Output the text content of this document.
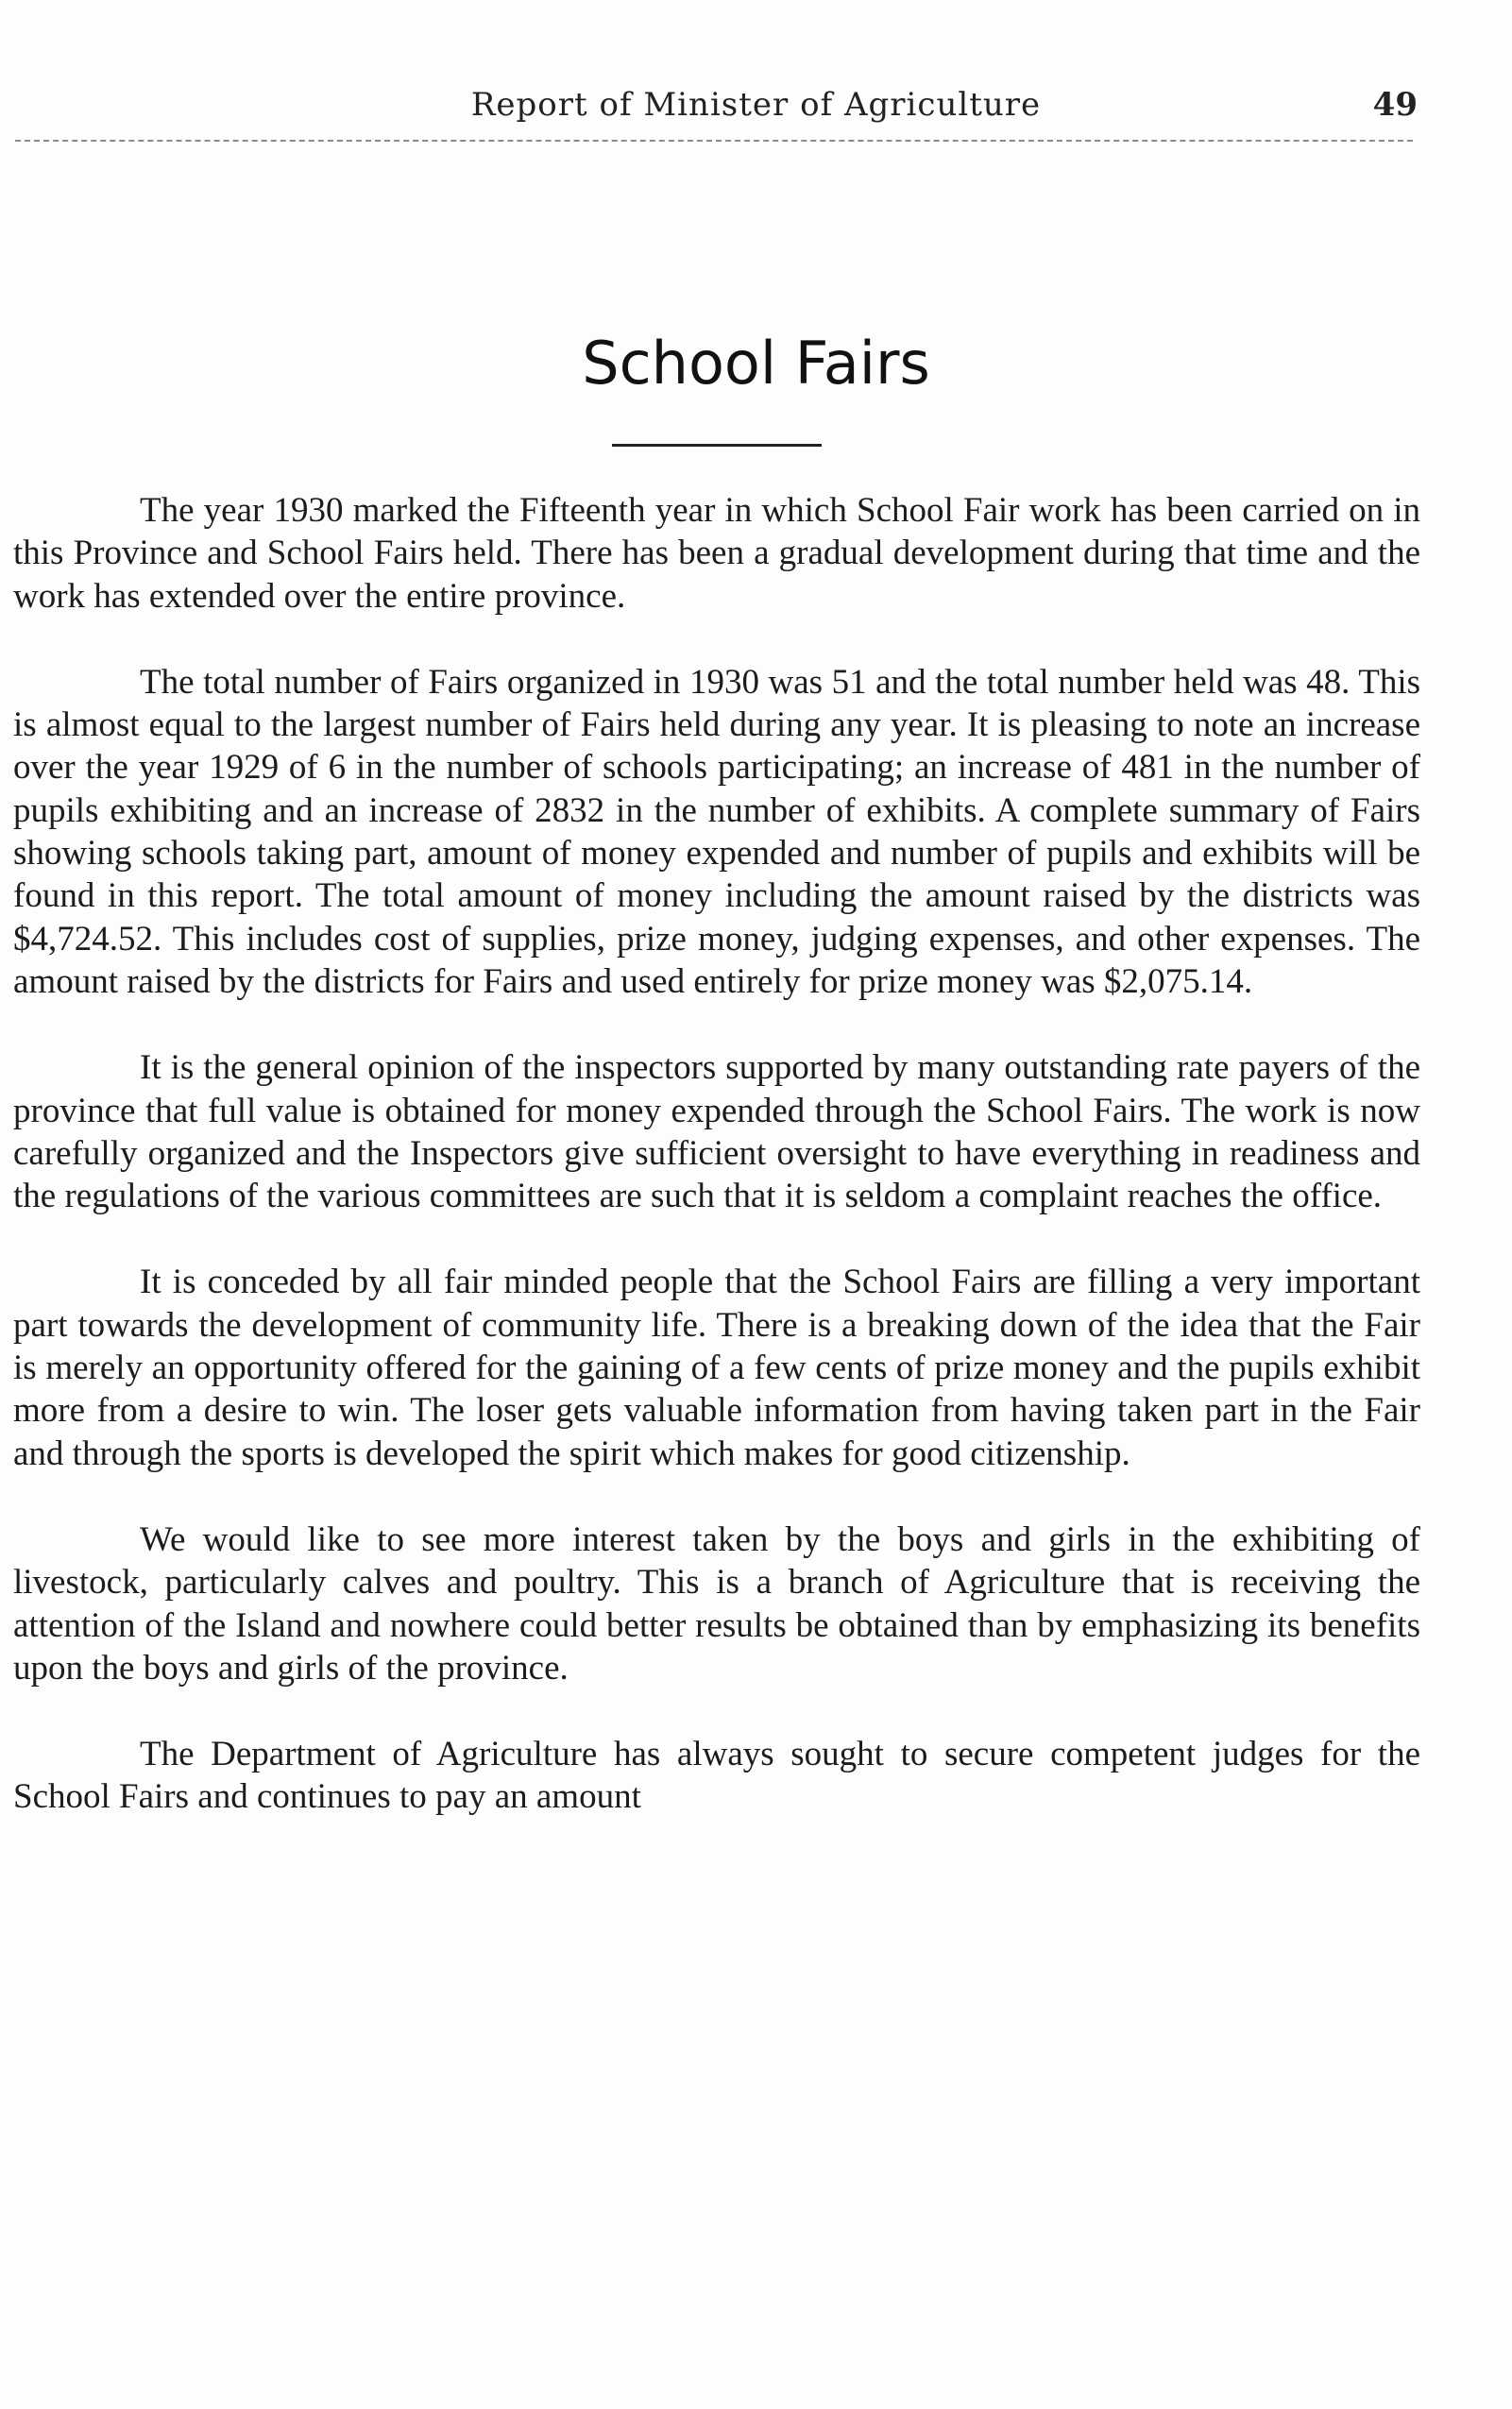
Report of Minister of Agriculture	49
School Fairs

The year 1930 marked the Fifteenth year in which School Fair work has been carried on in this Province and School Fairs held. There has been a gradual development during that time and the work has extended over the entire province.

The total number of Fairs organized in 1930 was 51 and the total number held was 48. This is almost equal to the largest number of Fairs held during any year. It is pleasing to note an increase over the year 1929 of 6 in the number of schools participating; an increase of 481 in the number of pupils exhibiting and an increase of 2832 in the number of exhibits. A complete summary of Fairs showing schools taking part, amount of money expended and number of pupils and exhibits will be found in this report. The total amount of money including the amount raised by the districts was $4,724.52. This includes cost of supplies, prize money, judging expenses, and other expenses. The amount raised by the districts for Fairs and used entirely for prize money was $2,075.14.

It is the general opinion of the inspectors supported by many outstanding rate payers of the province that full value is obtained for money expended through the School Fairs. The work is now carefully organized and the Inspectors give sufficient oversight to have everything in readiness and the regulations of the various committees are such that it is seldom a complaint reaches the office.

It is conceded by all fair minded people that the School Fairs are filling a very important part towards the development of community life. There is a breaking down of the idea that the Fair is merely an opportunity offered for the gaining of a few cents of prize money and the pupils exhibit more from a desire to win. The loser gets valuable information from having taken part in the Fair and through the sports is developed the spirit which makes for good citizenship.

We would like to see more interest taken by the boys and girls in the exhibiting of livestock, particularly calves and poultry. This is a branch of Agriculture that is receiving the attention of the Island and nowhere could better results be obtained than by emphasizing its benefits upon the boys and girls of the province.

The Department of Agriculture has always sought to secure competent judges for the School Fairs and continues to pay an amount
